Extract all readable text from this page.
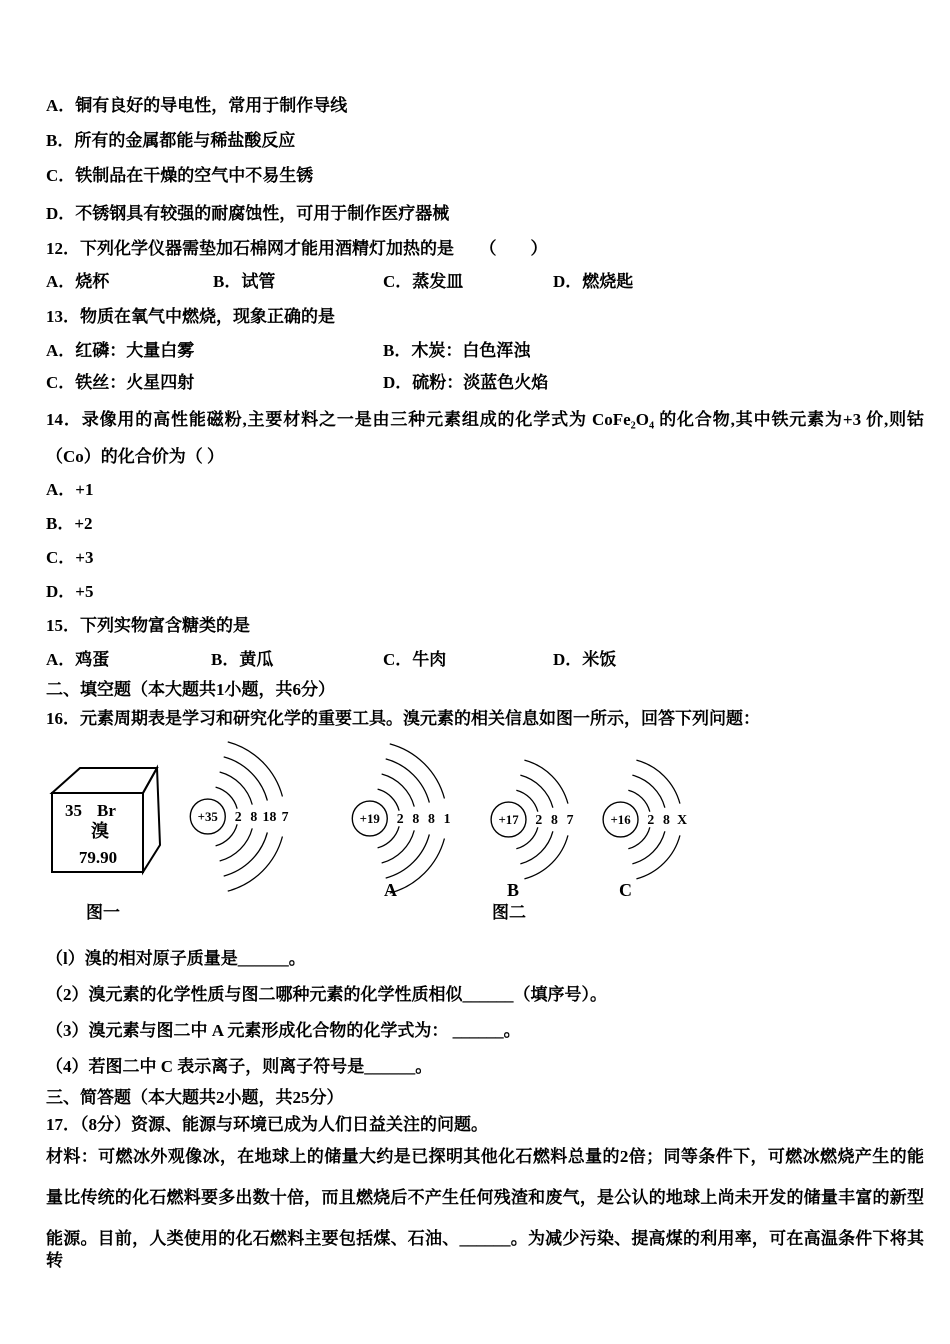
A．铜有良好的导电性，常用于制作导线
B．所有的金属都能与稀盐酸反应
C．铁制品在干燥的空气中不易生锈
D．不锈钢具有较强的耐腐蚀性，可用于制作医疗器械
12．下列化学仪器需垫加石棉网才能用酒精灯加热的是　　（　　）
A．烧杯	B．试管	C．蒸发皿	D．燃烧匙
13．物质在氧气中燃烧，现象正确的是
A．红磷：大量白雾	B．木炭：白色浑浊
C．铁丝：火星四射	D．硫粉：淡蓝色火焰
14．录像用的高性能磁粉,主要材料之一是由三种元素组成的化学式为 CoFe₂O₄ 的化合物,其中铁元素为+3 价,则钴
（Co）的化合价为（ ）
A．+1
B．+2
C．+3
D．+5
15．下列实物富含糖类的是
A．鸡蛋	B．黄瓜	C．牛肉	D．米饭
二、填空题（本大题共1小题，共6分）
16．元素周期表是学习和研究化学的重要工具。溴元素的相关信息如图一所示，回答下列问题：
35 Br
溴
79.90
图一
+35 2 8 18 7	+19 2 8 8 1	+17 2 8 7	+16 2 8 X
A	B	C
图二
（l）溴的相对原子质量是______。
（2）溴元素的化学性质与图二哪种元素的化学性质相似______（填序号）。
（3）溴元素与图二中 A 元素形成化合物的化学式为： ______。
（4）若图二中 C 表示离子，则离子符号是______。
三、简答题（本大题共2小题，共25分）
17．（8分）资源、能源与环境已成为人们日益关注的问题。
材料：可燃冰外观像冰，在地球上的储量大约是已探明其他化石燃料总量的2倍；同等条件下，可燃冰燃烧产生的能
量比传统的化石燃料要多出数十倍，而且燃烧后不产生任何残渣和废气，是公认的地球上尚未开发的储量丰富的新型
能源。目前，人类使用的化石燃料主要包括煤、石油、______。为减少污染、提高煤的利用率，可在高温条件下将其转
